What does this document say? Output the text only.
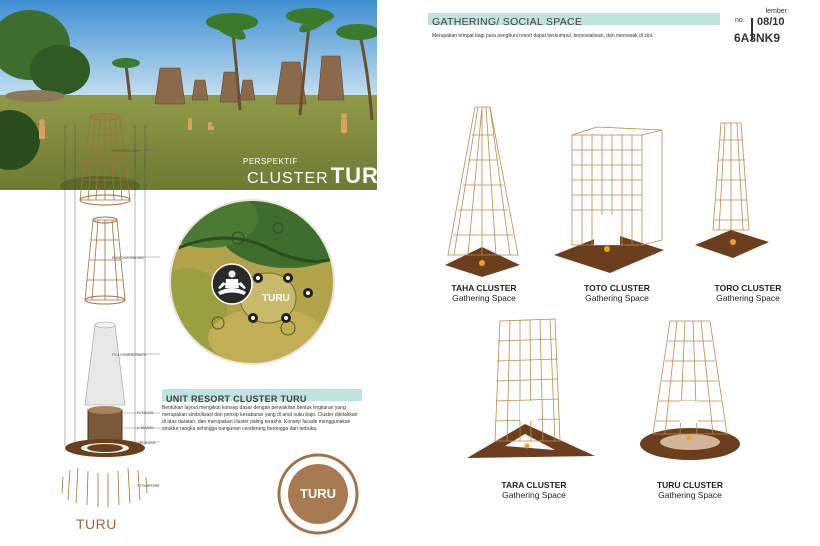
PERSPEKTIF
CLUSTERTURU
RANGKA LUAR
RANGKA DALAM
POLYCARBONATE
R.TIDUR
K.MANDI
SELASAR
STRUKTUR
TURU
TURU
UNIT RESORT CLUSTER TURU
Bentukan layout mengikuti konsep dasar dengan perwakilan bentuk lingkaran yang merupakan simbolisasi dari prinsip kesabaran yang di anut suku bajo. Cluster diletakkan di atas daratan, dan merupakan cluster paling terakhir. Konsep facade menggunakan struktur rangka sehingga bangunan cenderung berongga dan terbuka.
TURU
GATHERING/ SOCIAL SPACE
Merupakan tempat bagi para penghuni resort dapat berkumpul, bersosialisasi, dan memasak di sini.
lember
no. 08/10
6A3NK9
TAHA CLUSTER
Gathering Space
TOTO CLUSTER
Gathering Space
TORO CLUSTER
Gathering Space
TARA CLUSTER
Gathering Space
TURU CLUSTER
Gathering Space
